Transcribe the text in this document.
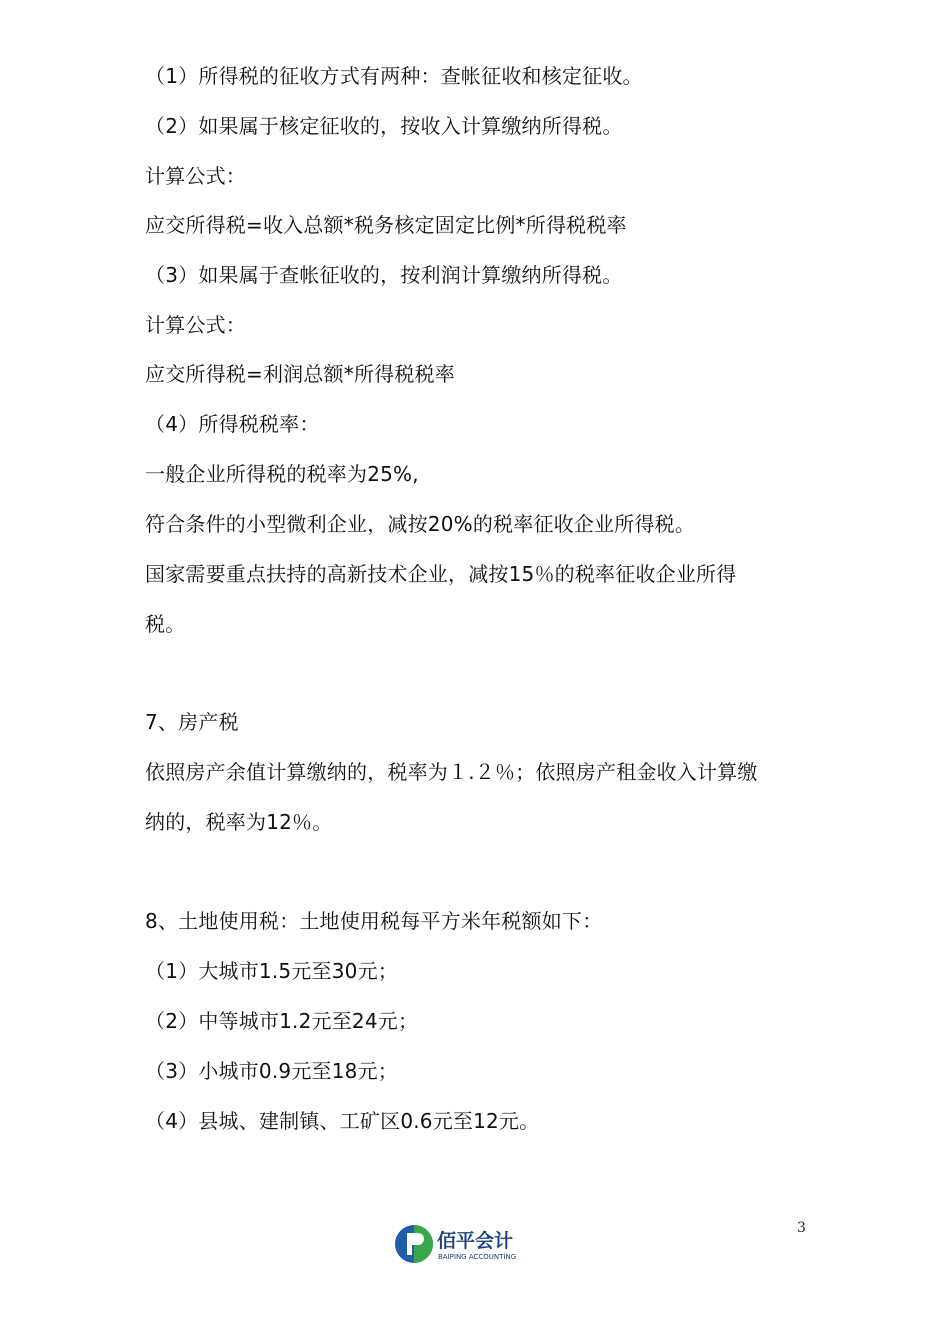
（1）所得税的征收方式有两种：查帐征收和核定征收。
（2）如果属于核定征收的，按收入计算缴纳所得税。
计算公式：
应交所得税=收入总额*税务核定固定比例*所得税税率
（3）如果属于查帐征收的，按利润计算缴纳所得税。
计算公式：
应交所得税=利润总额*所得税税率
（4）所得税税率：
一般企业所得税的税率为25%,
符合条件的小型微利企业，减按20%的税率征收企业所得税。
国家需要重点扶持的高新技术企业，减按15％的税率征收企业所得
税。
7、房产税
依照房产余值计算缴纳的，税率为１.２％；依照房产租金收入计算缴
纳的，税率为12％。
8、土地使用税：土地使用税每平方米年税额如下：
（1）大城市1.5元至30元；
（2）中等城市1.2元至24元；
（3）小城市0.9元至18元；
（4）县城、建制镇、工矿区0.6元至12元。
佰平会计
BAIPING ACCOUNTING
3
